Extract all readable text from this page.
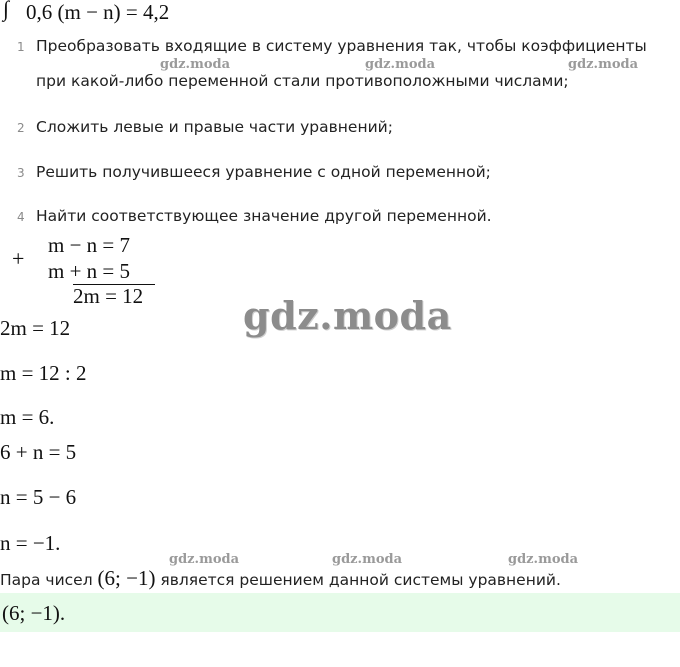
∫ 0,6 (m − n) = 4,2
1 Преобразовать входящие в систему уравнения так, чтобы коэффициенты
при какой-либо переменной стали противоположными числами;
2 Сложить левые и правые части уравнений;
3 Решить получившееся уравнение с одной переменной;
4 Найти соответствующее значение другой переменной.
gdz.moda	gdz.moda	gdz.moda
+
m − n = 7
m + n = 5
2m = 12	gdz.moda
2m = 12
m = 12 : 2
m = 6.
6 + n = 5
n = 5 − 6
n = −1.
gdz.moda	gdz.moda	gdz.moda
Пара чисел (6; −1) является решением данной системы уравнений.
(6; −1).
